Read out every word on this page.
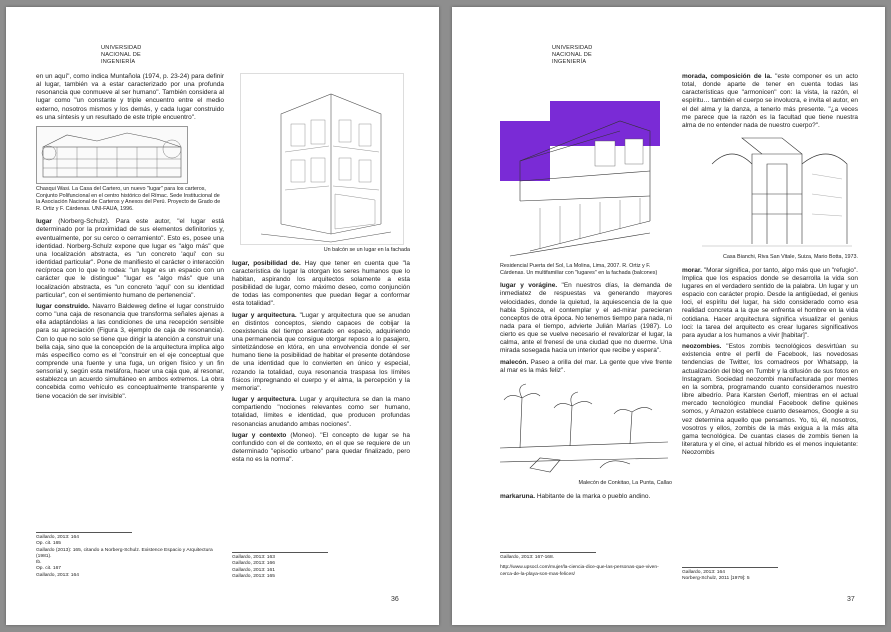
UNIVERSIDAD
NACIONAL DE
INGENIERÍA

en un aquí", como indica Muntañola (1974, p. 23-24) para definir al lugar, también va a estar caracterizado por una profunda resonancia que conmueve al ser humano". También considera al lugar como "un constante y triple encuentro entre el medio externo, nosotros mismos y los demás, y cada lugar construido es una síntesis y un resultado de este triple encuentro".

Chasqui Wasi. La Casa del Cartero, un nuevo "lugar" para los carteros, Conjunto Polifuncional en el centro histórico del Rímac. Sede Institucional de la Asociación Nacional de Carteros y Anexos del Perú. Proyecto de Grado de R. Ortiz y F. Cárdenas. UNI-FAUA, 1996.

lugar (Norberg-Schulz). Para este autor, "el lugar está determinado por la proximidad de sus elementos definitorios y, eventualmente, por su cerco o cerramiento". Esto es, posee una identidad. Norberg-Schulz expone que lugar es "algo más" que una localización abstracta, es "un concreto 'aquí' con su identidad particular". Pone de manifiesto el carácter o interacción recíproca con lo que lo rodea: "un lugar es un espacio con un carácter que le distingue" "lugar es "algo más" que una localización abstracta, es "un concreto 'aquí' con su identidad particular", con el sentimiento humano de pertenencia".

lugar construido. Navarro Baldeweg define el lugar construido como "una caja de resonancia que transforma señales ajenas a ella adaptándolas a las condiciones de una recepción sensible para su apreciación (Figura 3, ejemplo de caja de resonancia). Con lo que no solo se tiene que dirigir la atención a construir una bella caja, sino que la concepción de la arquitectura implica algo más específico como es el "construir en el eje conceptual que comprende una fuente y una fuga, un origen físico y un fin sensorial y, según esta metáfora, hacer una caja que, al resonar, establezca un acuerdo simultáneo en ambos extremos. La obra concebida como vehículo es conceptualmente transparente y tiene vocación de ser invisible".

Un balcón se un lugar en la fachada

lugar, posibilidad de. Hay que tener en cuenta que "la característica de lugar la otorgan los seres humanos que lo habitan, aspirando los arquitectos solamente a esta posibilidad de lugar, como máximo deseo, como conjunción de todas las componentes que puedan llegar a conformar esta totalidad".

lugar y arquitectura. "Lugar y arquitectura que se anudan en distintos conceptos, siendo capaces de cobijar la coexistencia del tiempo asentado en espacio, adquiriendo una permanencia que consigue otorgar reposo a lo pasajero, sintetizándose en która, en una envolvencia donde el ser humano tiene la posibilidad de habitar el presente dotándose de una identidad que lo convierten en único y especial, rozando la totalidad, cuya resonancia traspasa los límites físicos impregnando el cuerpo y el alma, la percepción y la memoria".

lugar y arquitectura. Lugar y arquitectura se dan la mano compartiendo "nociones relevantes como ser humano, totalidad, límites e identidad, que producen profundas resonancias anudando ambas nociones".

lugar y contexto (Moneo). "El concepto de lugar se ha confundido con el de contexto, en el que se requiere de un determinado "episodio urbano" para quedar finalizado, pero esta no es la norma".

Gallardo, 2013: 164
Op. cit. 165
Gallardo (2013): 165, citando a Norberg-Schulz. Existence Espacio y Arquitectura (1981).
Ib.
Op. cit. 167
Gallardo, 2013: 164
Gallardo, 2013: 163
Gallardo, 2013: 166
Gallardo, 2013: 161
Gallardo, 2013: 165
36
UNIVERSIDAD
NACIONAL DE
INGENIERÍA
Residencial Puerta del Sol, La Molina, Lima, 2007. R. Ortiz y F. Cárdenas. Un multifamiliar con "lugares" en la fachada (balcones)

lugar y vorágine. "En nuestros días, la demanda de inmediatez de respuestas va generando mayores velocidades, donde la quietud, la aquiescencia de la que habla Spinoza, el contemplar y el ad-mirar parecieran conceptos de otra época. No tenemos tiempo para nada, ni nada para el tiempo, advierte Julián Marías (1987). Lo cierto es que se vuelve necesario el revalorizar el lugar, la calma, ante el frenesí de una ciudad que no duerme. Una mirada sosegada hacia un interior que recibe y espera".

malecón. Paseo a orilla del mar. La gente que vive frente al mar es la más feliz".

Malecón de Conkitao, La Punta, Callao

markaruna. Habitante de la marka o pueblo andino.

morada, composición de la. "este componer es un acto total, donde aparte de tener en cuenta todas las características que "armonicen" con: la vista, la razón, el espíritu… también el cuerpo se involucra, e invita el autor, en el del alma y la danza, a tenerlo más presente. "¿a veces me parece que la razón es la facultad que tiene nuestra alma de no entender nada de nuestro cuerpo?".

Casa Bianchi, Riva San Vitale, Suiza, Mario Botta, 1973.

morar. "Morar significa, por tanto, algo más que un "refugio". Implica que los espacios donde se desarrolla la vida son lugares en el verdadero sentido de la palabra. Un lugar y un espacio con carácter propio. Desde la antigüedad, el genius loci, el espíritu del lugar, ha sido considerado como esa realidad concreta a la que se enfrenta el hombre en la vida cotidiana. Hacer arquitectura significa visualizar el genius loci: la tarea del arquitecto es crear lugares significativos para ayudar a los humanos a vivir [habitar]".

neozombies. "Estos zombis tecnológicos desvirtúan su existencia entre el perfil de Facebook, las novedosas tendencias de Twitter, los comadreos por Whatsapp, la actualización del blog en Tumblr y la difusión de sus fotos en Instagram. Sociedad neozombi manufacturada por mentes en la sombra, programando cuanto consideramos nuestro libre albedrío. Para Karsten Gerloff, mientras en el actual mercado tecnológico mundial Facebook define quiénes somos, y Amazon establece cuanto deseamos, Google a su vez determina aquello que pensamos. Yo, tú, él, nosotros, vosotros y ellos, zombis de la más exigua a la más alta gama tecnológica. De cuantas clases de zombis tienen la literatura y el cine, el actual híbrido es el menos inquietante: Neozombis

Gallardo, 2013: 167-168.
http://www.upsocl.com/mujer/la-ciencia-dice-que-las-personas-que-viven-cerca-de-la-playa-son-mas-felices/	Gallardo, 2013: 164
Norberg-Schulz, 2011 [1979]: 5
37
